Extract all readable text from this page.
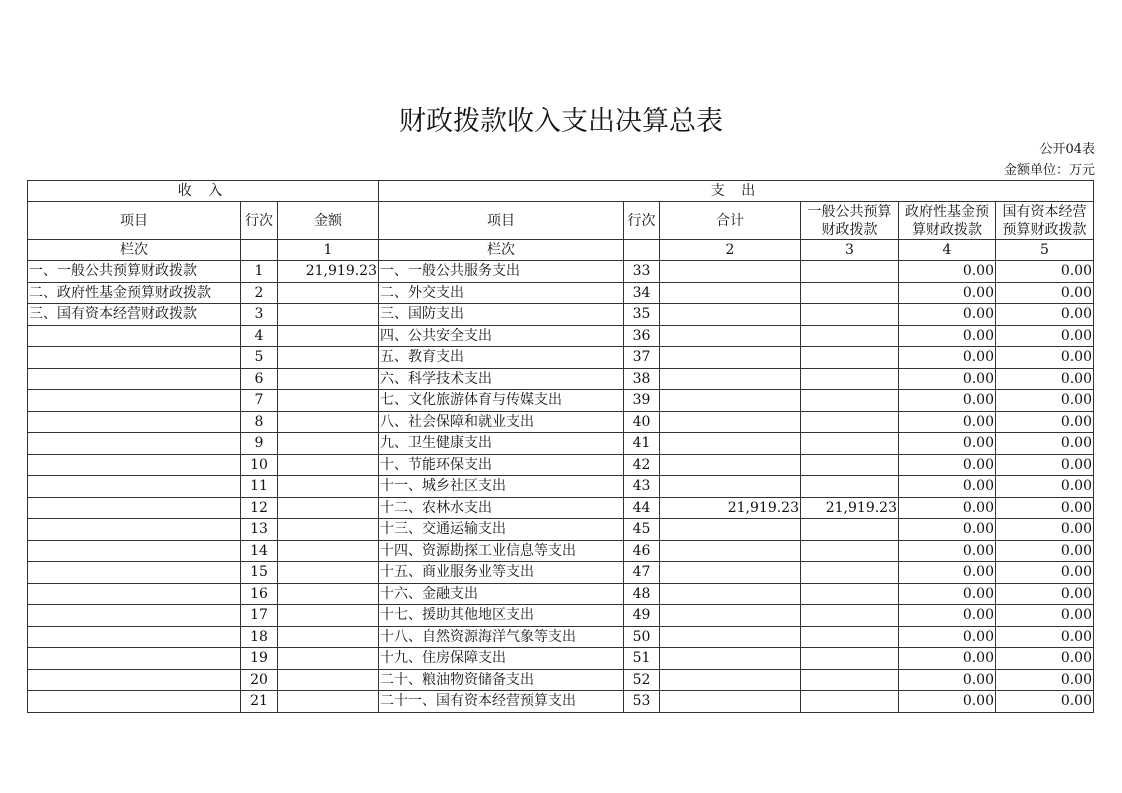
财政拨款收入支出决算总表
公开04表
金额单位：万元
收 入			支 出					
项目	行次	金额	项目	行次	合计	一般公共预算财政拨款	政府性基金预算财政拨款	国有资本经营预算财政拨款
栏次		1	栏次		2	3	4	5
一、一般公共预算财政拨款	1	21,919.23	一、一般公共服务支出	33			0.00	0.00
二、政府性基金预算财政拨款	2		二、外交支出	34			0.00	0.00
三、国有资本经营财政拨款	3		三、国防支出	35			0.00	0.00
	4		四、公共安全支出	36			0.00	0.00
	5		五、教育支出	37			0.00	0.00
	6		六、科学技术支出	38			0.00	0.00
	7		七、文化旅游体育与传媒支出	39			0.00	0.00
	8		八、社会保障和就业支出	40			0.00	0.00
	9		九、卫生健康支出	41			0.00	0.00
	10		十、节能环保支出	42			0.00	0.00
	11		十一、城乡社区支出	43			0.00	0.00
	12		十二、农林水支出	44	21,919.23	21,919.23	0.00	0.00
	13		十三、交通运输支出	45			0.00	0.00
	14		十四、资源勘探工业信息等支出	46			0.00	0.00
	15		十五、商业服务业等支出	47			0.00	0.00
	16		十六、金融支出	48			0.00	0.00
	17		十七、援助其他地区支出	49			0.00	0.00
	18		十八、自然资源海洋气象等支出	50			0.00	0.00
	19		十九、住房保障支出	51			0.00	0.00
	20		二十、粮油物资储备支出	52			0.00	0.00
	21		二十一、国有资本经营预算支出	53			0.00	0.00
